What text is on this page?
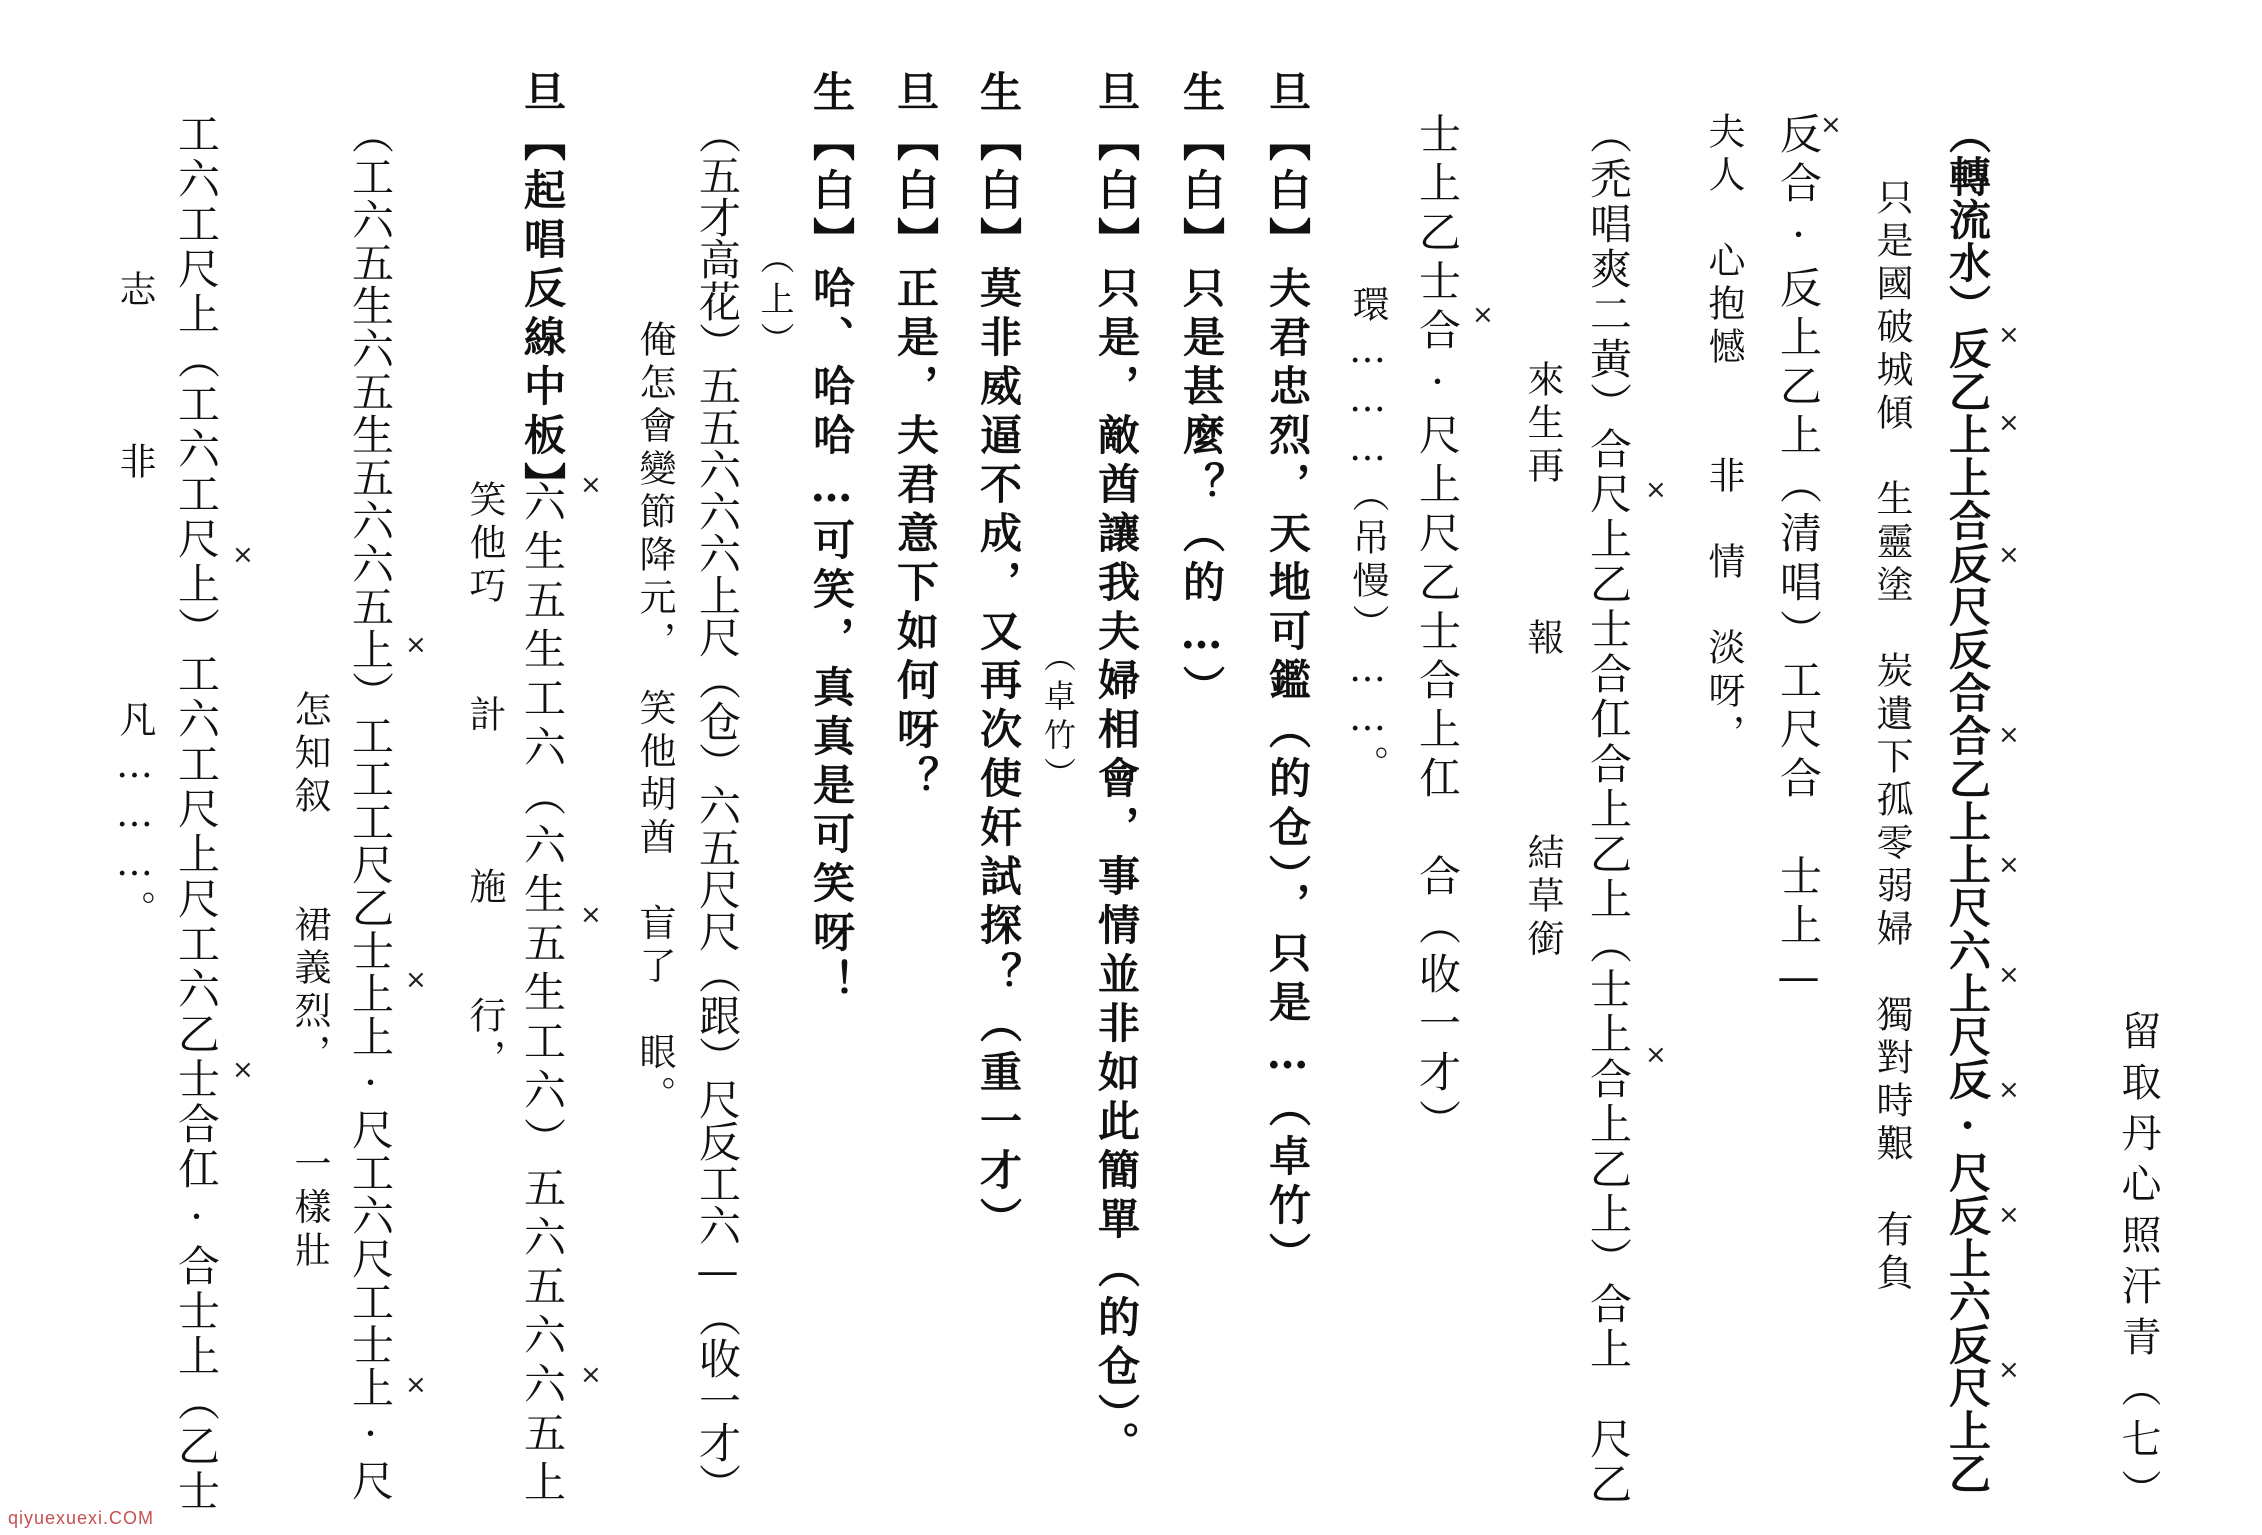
留取丹心照汗青（七）
（轉流水）反乙上上合反尺反合合乙上上尺六上尺反·尺反上六反尺上乙
只是國破城傾　生靈塗　炭遺下孤零弱婦　獨對時艱　有負
反合·反上乙上（清唱）工尺合　士上—
夫人　心抱憾　　非　情　淡呀，
（禿唱爽二黃）合尺上乙士合仜合上乙上（士上合上乙上）合上　尺乙
來生再　　　報　　　　結草銜
士上乙士合·尺上尺乙士合上仜　合（收一才）
環………（吊慢）……。
旦【白】夫君忠烈，天地可鑑（的仓），只是…（卓竹）
生【白】只是甚麼？（的…）
旦【白】只是，敵酋讓我夫婦相會，事情並非如此簡單（的仓）。
（卓竹）
生【白】莫非威逼不成，又再次使奸試探？（重一才）
旦【白】正是，夫君意下如何呀？
生【白】哈、哈哈…可笑，真真是可笑呀！
（上）
（五才高花）五五六六六上尺（仓）六五尺尺（跟）尺反工六—（收一才）
俺怎會變節降元，　笑他胡酋　盲了　眼。
六生五生工六（六生五生工六）五六五六六五上
笑他巧　　計　　　施　　行，
旦【起唱反線中板】
（工六五生六五生五六六五上）工工工尺乙士上上·尺工六尺工士上·尺
怎知叙　　裙義烈，　　一樣壯
工六工尺上（工六工尺上）工六工尺上尺工六乙士合仜·合士上（乙士
志　　　非　　　　　凡………。	×
×
×
×
×
×
×
×
×
×
×
×
×
×
×
×
×
×
×
×
×
qiyuexuexi.COM
